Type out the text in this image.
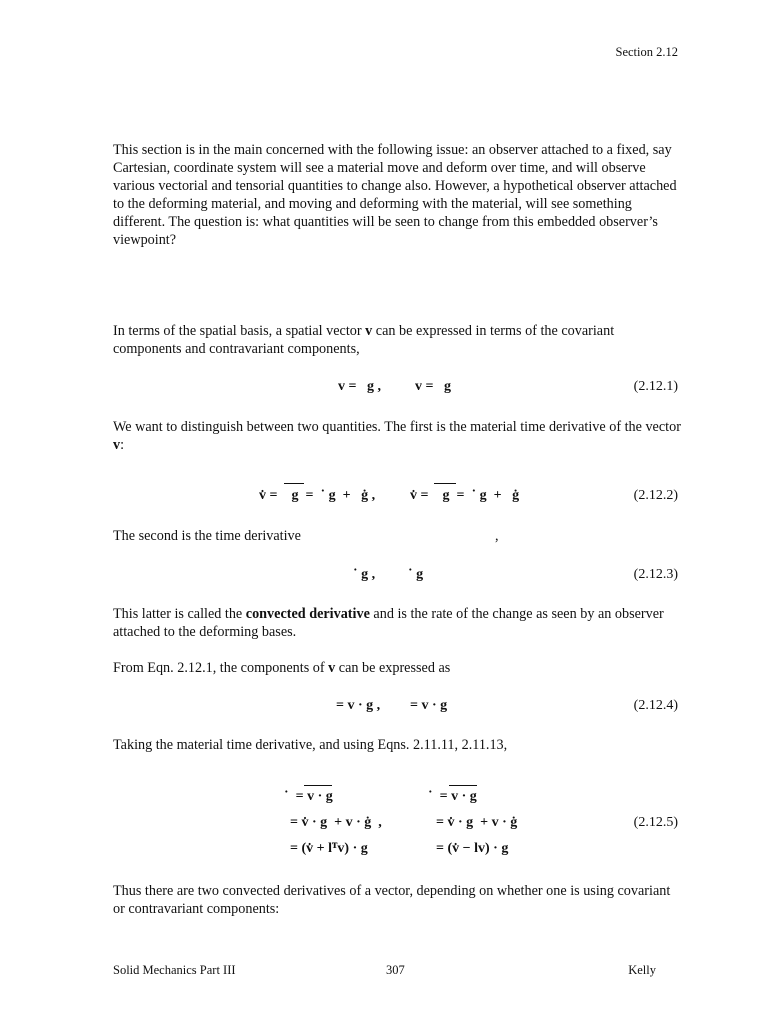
Section 2.12
This section is in the main concerned with the following issue: an observer attached to a fixed, say Cartesian, coordinate system will see a material move and deform over time, and will observe various vectorial and tensorial quantities to change also. However, a hypothetical observer attached to the deforming material, and moving and deforming with the material, will see something different. The question is: what quantities will be seen to change from this embedded observer’s viewpoint?
In terms of the spatial basis, a spatial vector v can be expressed in terms of the covariant components and contravariant components,
v =   g , v =   g	(2.12.1)
We want to distinguish between two quantities. The first is the material time derivative of the vector v:
v̇ =    g  =  ˙ g  +   ġ , v̇ =    g  =  ˙ g  +   ġ	(2.12.2)
The second is the time derivative	,
˙ g , ˙ g	(2.12.3)
This latter is called the convected derivative and is the rate of the change as seen by an observer attached to the deforming bases.
From Eqn. 2.12.1, the components of v can be expressed as
= v · g , = v · g	(2.12.4)
Taking the material time derivative, and using Eqns. 2.11.11, 2.11.13,
˙  = v · g
= v̇ · g  + v · ġ  ,
= (v̇ + lᵀv) · g
˙  = v · g
= v̇ · g  + v · ġ
= (v̇ − lv) · g
(2.12.5)
Thus there are two convected derivatives of a vector, depending on whether one is using covariant or contravariant components:
Solid Mechanics Part III	307	Kelly
